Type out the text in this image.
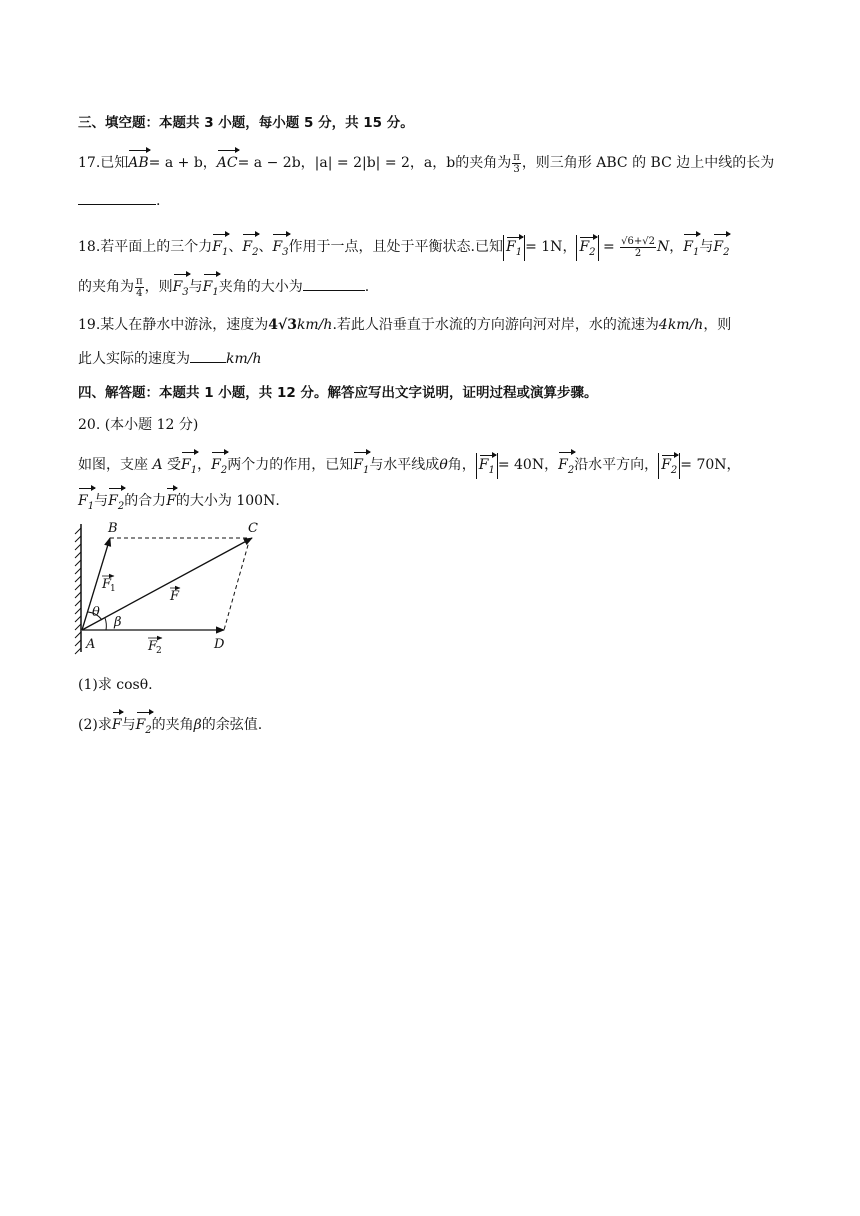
三、填空题：本题共 3 小题，每小题 5 分，共 15 分。
17.已知AB= a + b，AC= a − 2b，|a| = 2|b| = 2，a，b的夹角为 $\frac{\pi}{3}$ ，则三角形 ABC 的 BC 边上中线的长为
.
18.若平面上的三个力$F_1$、$F_2$、$F_3$作用于一点，且处于平衡状态.已知 $F_1 = 1N$， $F_2 = \frac{√6+√2}{2}$ N，$F_1$与$F_2$
的夹角为 $\frac{\pi}{4}$ ，则$F_3$与$F_1$夹角的大小为	.
19.某人在静水中游泳，速度为4√3km/h.若此人沿垂直于水流的方向游向河对岸，水的流速为4km/h，则
此人实际的速度为	km/h
四、解答题：本题共 1 小题，共 12 分。解答应写出文字说明，证明过程或演算步骤。
20. (本小题 12 分)
如图，支座 A 受$F_1$，$F_2$两个力的作用，已知$F_1$与水平线成θ角， $F_1 = 40N$，$F_2$沿水平方向， $F_2 = 70N$，
$F_1$与$F_2$的合力F的大小为 100N.
B	C
A	D
θ
β
F
1	F
F
2
(1)求 cosθ.
(2)求F与$F_2$的夹角β的余弦值.
